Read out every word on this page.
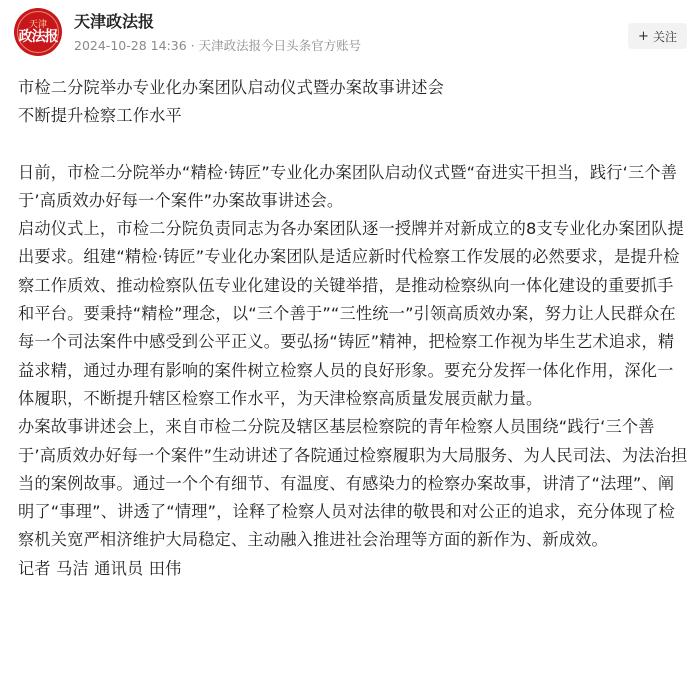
天津
政法报
天津政法报
2024-10-28 14:36 · 天津政法报今日头条官方账号
+ 关注

市检二分院举办专业化办案团队启动仪式暨办案故事讲述会

不断提升检察工作水平

日前，市检二分院举办“精检·铸匠”专业化办案团队启动仪式暨“奋进实干担当，践行‘三个善于’高质效办好每一个案件”办案故事讲述会。

启动仪式上，市检二分院负责同志为各办案团队逐一授牌并对新成立的8支专业化办案团队提出要求。组建“精检·铸匠”专业化办案团队是适应新时代检察工作发展的必然要求，是提升检察工作质效、推动检察队伍专业化建设的关键举措，是推动检察纵向一体化建设的重要抓手和平台。要秉持“精检”理念，以“三个善于”“三性统一”引领高质效办案，努力让人民群众在每一个司法案件中感受到公平正义。要弘扬“铸匠”精神，把检察工作视为毕生艺术追求，精益求精，通过办理有影响的案件树立检察人员的良好形象。要充分发挥一体化作用，深化一体履职，不断提升辖区检察工作水平，为天津检察高质量发展贡献力量。

办案故事讲述会上，来自市检二分院及辖区基层检察院的青年检察人员围绕“践行‘三个善于’高质效办好每一个案件”生动讲述了各院通过检察履职为大局服务、为人民司法、为法治担当的案例故事。通过一个个有细节、有温度、有感染力的检察办案故事，讲清了“法理”、阐明了“事理”、讲透了“情理”，诠释了检察人员对法律的敬畏和对公正的追求，充分体现了检察机关宽严相济维护大局稳定、主动融入推进社会治理等方面的新作为、新成效。

记者 马洁 通讯员 田伟
